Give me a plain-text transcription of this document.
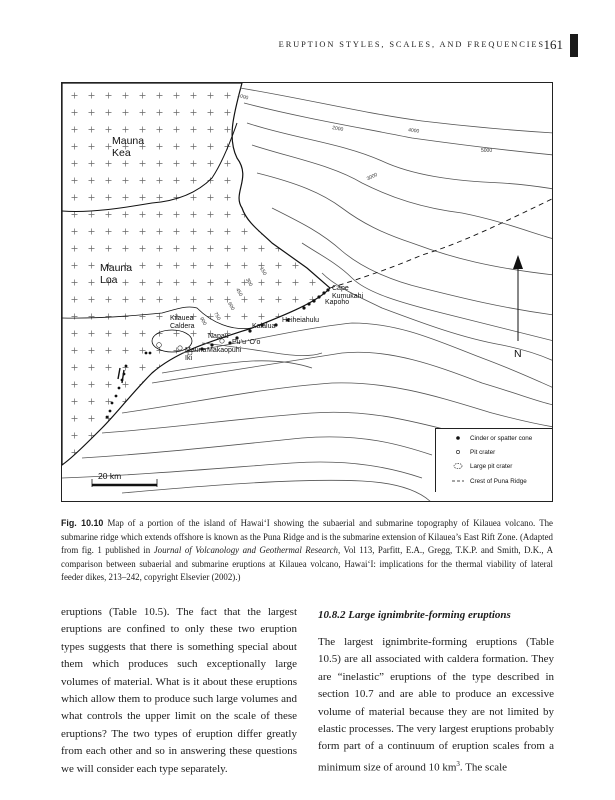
ERUPTION STYLES, SCALES, AND FREQUENCIES
161
Mauna Kea
Mauna Loa
Cape Kumukahi
Kapoho
Heiheiahulu
Kalalua
Napau
Pu‘u ‘O‘o
Kilauea Caldera
Mauna Iki
Makaopuhi	N
1000
2000	4000
5000
3000
150
300
450
600
750
900
20 km
Cinder or spatter cone
Pit crater
Large pit crater
Crest of Puna Ridge
Fig. 10.10 Map of a portion of the island of Hawai‘I showing the subaerial and submarine topography of Kilauea volcano. The submarine ridge which extends offshore is known as the Puna Ridge and is the submarine extension of Kilauea’s East Rift Zone. (Adapted from fig. 1 published in Journal of Volcanology and Geothermal Research, Vol 113, Parfitt, E.A., Gregg, T.K.P. and Smith, D.K., A comparison between subaerial and submarine eruptions at Kilauea volcano, Hawai‘I: implications for the thermal viability of lateral feeder dikes, 213–242, copyright Elsevier (2002).)

eruptions (Table 10.5). The fact that the largest eruptions are confined to only these two eruption types suggests that there is something special about them which produces such exceptionally large volumes of material. What is it about these eruptions which allow them to produce such large volumes and what controls the upper limit on the scale of these eruptions? The two types of eruption differ greatly from each other and so in answering these questions we will consider each type separately.

10.8.2 Large ignimbrite-forming eruptions

The largest ignimbrite-forming eruptions (Table 10.5) are all associated with caldera formation. They are “inelastic” eruptions of the type described in section 10.7 and are able to produce an excessive volume of material because they are not limited by elastic processes. The very largest eruptions probably form part of a continuum of eruption scales from a minimum size of around 10 $km^3$. The scale
